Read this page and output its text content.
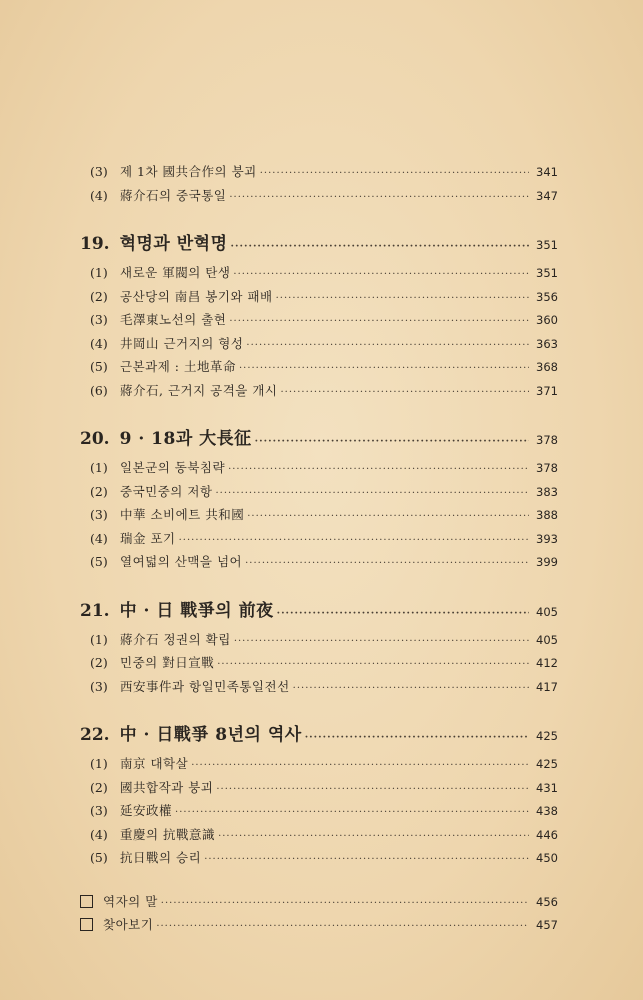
(3) 제 1차 國共合作의 붕괴 ·····	341
(4) 蔣介石의 중국통일 ·····	347
19. 혁명과 반혁명 ·····	351
(1) 새로운 軍閥의 탄생 ·····	351
(2) 공산당의 南昌 봉기와 패배 ·····	356
(3) 毛澤東노선의 출현 ·····	360
(4) 井岡山 근거지의 형성 ·····	363
(5) 근본과제 : 土地革命 ·····	368
(6) 蔣介石, 근거지 공격을 개시 ·····	371
20. 9 · 18과 大長征 ·····	378
(1) 일본군의 동북침략 ·····	378
(2) 중국민중의 저항 ·····	383
(3) 中華 소비에트 共和國 ·····	388
(4) 瑞金 포기 ·····	393
(5) 열여덟의 산맥을 넘어 ·····	399
21. 中 · 日 戰爭의 前夜 ·····	405
(1) 蔣介石 정권의 확립 ·····	405
(2) 민중의 對日宣戰 ·····	412
(3) 西安事件과 항일민족통일전선 ·····	417
22. 中 · 日戰爭 8년의 역사 ·····	425
(1) 南京 대학살 ·····	425
(2) 國共합작과 붕괴 ·····	431
(3) 延安政權 ·····	438
(4) 重慶의 抗戰意識 ·····	446
(5) 抗日戰의 승리 ·····	450
역자의 말 ·····	456
찾아보기 ·····	457
